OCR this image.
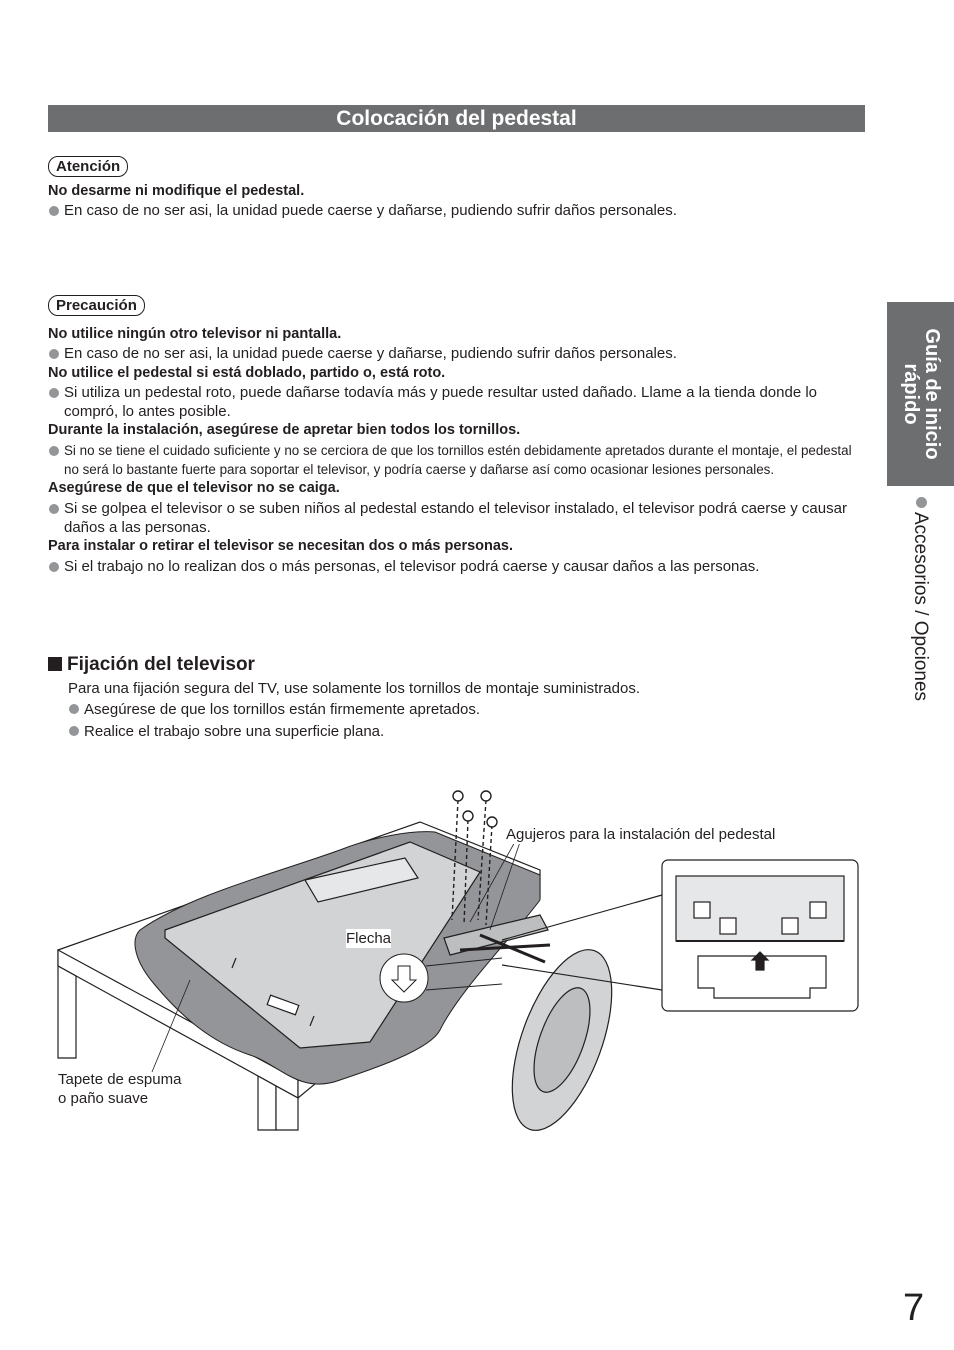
Colocación del pedestal
Atención
No desarme ni modifique el pedestal.
En caso de no ser asi, la unidad puede caerse y dañarse, pudiendo sufrir daños personales.
Precaución
No utilice ningún otro televisor ni pantalla.
En caso de no ser asi, la unidad puede caerse y dañarse, pudiendo sufrir daños personales.
No utilice el pedestal si está doblado, partido o, está roto.
Si utiliza un pedestal roto, puede dañarse todavía más y puede resultar usted dañado. Llame a la tienda donde lo compró, lo antes posible.
Durante la instalación, asegúrese de apretar bien todos los tornillos.
Si no se tiene el cuidado suficiente y no se cerciora de que los tornillos estén debidamente apretados durante el montaje, el pedestal no será lo bastante fuerte para soportar el televisor, y podría caerse y dañarse así como ocasionar lesiones personales.
Asegúrese de que el televisor no se caiga.
Si se golpea el televisor o se suben niños al pedestal estando el televisor instalado, el televisor podrá caerse y causar daños a las personas.
Para instalar o retirar el televisor se necesitan dos o más personas.
Si el trabajo no lo realizan dos o más personas, el televisor podrá caerse y causar daños a las personas.
Fijación del televisor
Para una fijación segura del TV, use solamente los tornillos de montaje suministrados.
Asegúrese de que los tornillos están firmemente apretados.
Realice el trabajo sobre una superficie plana.
Guía de inicio rápido
Accesorios / Opciones
Agujeros para la instalación del pedestal
Flecha
Tapete de espuma
o paño suave
7
